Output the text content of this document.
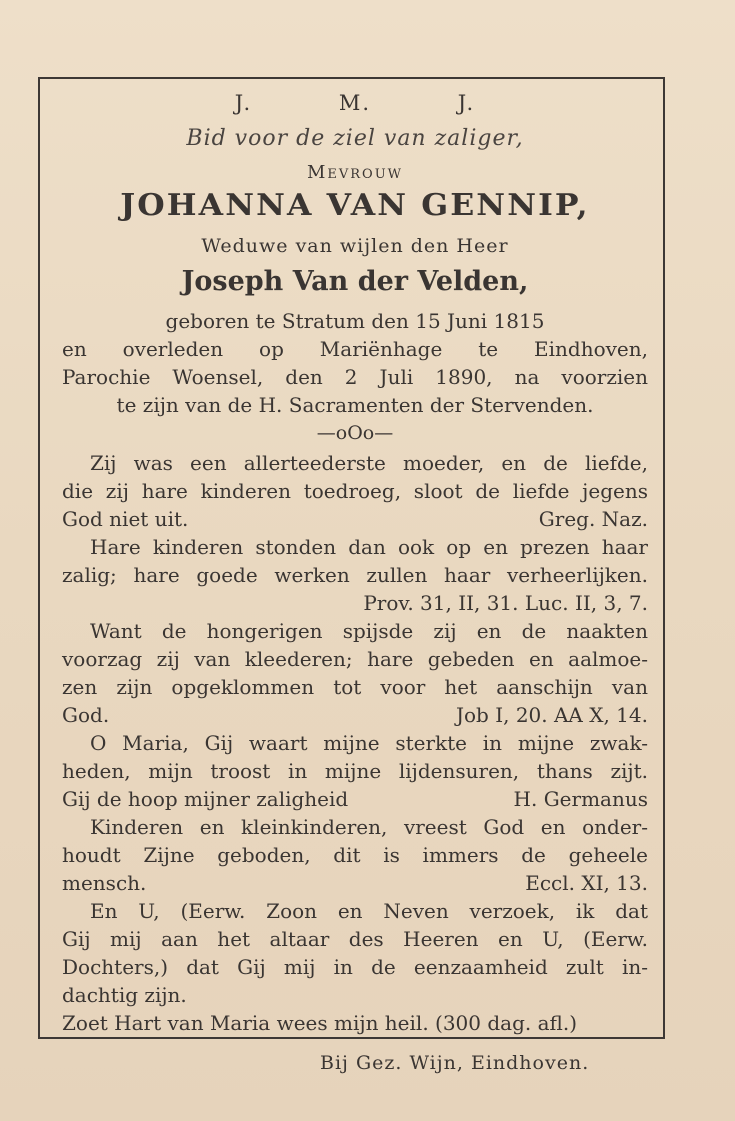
J. M. J.
Bid voor de ziel van zaliger,
Mevrouw
JOHANNA VAN GENNIP,
Weduwe van wijlen den Heer
Joseph Van der Velden,
geboren te Stratum den 15 Juni 1815
en overleden op Mariënhage te Eindhoven,
Parochie Woensel, den 2 Juli 1890, na voorzien
te zijn van de H. Sacramenten der Stervenden.
—oOo—
Zij was een allerteederste moeder, en de liefde,
die zij hare kinderen toedroeg, sloot de liefde jegens
God niet uit.	Greg. Naz.
Hare kinderen stonden dan ook op en prezen haar
zalig; hare goede werken zullen haar verheerlijken.
Prov. 31, II, 31. Luc. II, 3, 7.
Want de hongerigen spijsde zij en de naakten
voorzag zij van kleederen; hare gebeden en aalmoe-
zen zijn opgeklommen tot voor het aanschijn van
God.	Job I, 20. AA X, 14.
O Maria, Gij waart mijne sterkte in mijne zwak-
heden, mijn troost in mijne lijdensuren, thans zijt.
Gij de hoop mijner zaligheid	H. Germanus
Kinderen en kleinkinderen, vreest God en onder-
houdt Zijne geboden, dit is immers de geheele
mensch.	Eccl. XI, 13.
En U, (Eerw. Zoon en Neven verzoek, ik dat
Gij mij aan het altaar des Heeren en U, (Eerw.
Dochters,) dat Gij mij in de eenzaamheid zult in-
dachtig zijn.
Zoet Hart van Maria wees mijn heil. (300 dag. afl.)
Bij Gez. Wijn, Eindhoven.
